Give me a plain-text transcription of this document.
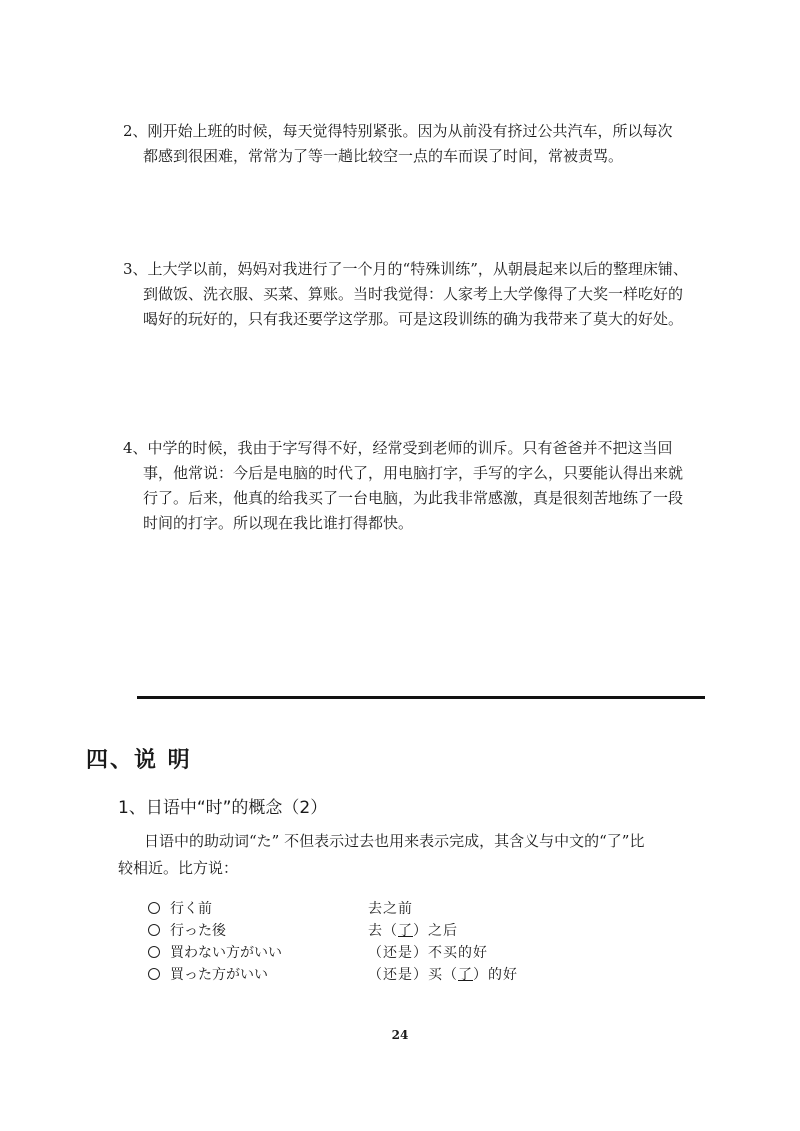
2、刚开始上班的时候，每天觉得特别紧张。因为从前没有挤过公共汽车，所以每次
都感到很困难，常常为了等一趟比较空一点的车而误了时间，常被责骂。
3、上大学以前，妈妈对我进行了一个月的“特殊训练”，从朝晨起来以后的整理床铺、
到做饭、洗衣服、买菜、算账。当时我觉得：人家考上大学像得了大奖一样吃好的
喝好的玩好的，只有我还要学这学那。可是这段训练的确为我带来了莫大的好处。
4、中学的时候，我由于字写得不好，经常受到老师的训斥。只有爸爸并不把这当回
事，他常说：今后是电脑的时代了，用电脑打字，手写的字么，只要能认得出来就
行了。后来，他真的给我买了一台电脑，为此我非常感激，真是很刻苦地练了一段
时间的打字。所以现在我比谁打得都快。
四、说 明
1、日语中“时”的概念（2）
日语中的助动词“た” 不但表示过去也用来表示完成，其含义与中文的“了”比
较相近。比方说：
行く前	去之前
行った後	去（了）之后
買わない方がいい	（还是）不买的好
買った方がいい	（还是）买（了）的好
24
